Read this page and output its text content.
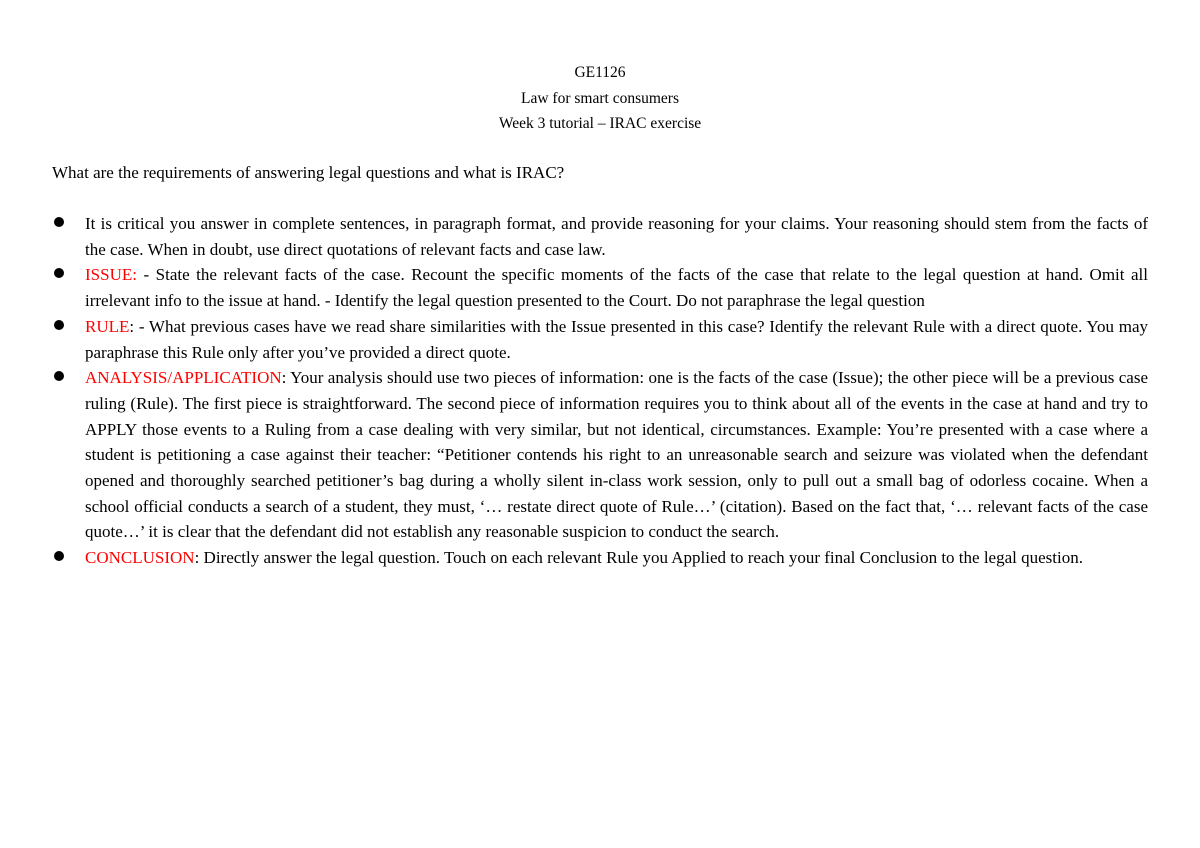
GE1126
Law for smart consumers
Week 3 tutorial – IRAC exercise
What are the requirements of answering legal questions and what is IRAC?
It is critical you answer in complete sentences, in paragraph format, and provide reasoning for your claims. Your reasoning should stem from the facts of the case. When in doubt, use direct quotations of relevant facts and case law.
ISSUE: - State the relevant facts of the case. Recount the specific moments of the facts of the case that relate to the legal question at hand. Omit all irrelevant info to the issue at hand. - Identify the legal question presented to the Court. Do not paraphrase the legal question
RULE: - What previous cases have we read share similarities with the Issue presented in this case? Identify the relevant Rule with a direct quote. You may paraphrase this Rule only after you’ve provided a direct quote.
ANALYSIS/APPLICATION: Your analysis should use two pieces of information: one is the facts of the case (Issue); the other piece will be a previous case ruling (Rule). The first piece is straightforward. The second piece of information requires you to think about all of the events in the case at hand and try to APPLY those events to a Ruling from a case dealing with very similar, but not identical, circumstances. Example: You’re presented with a case where a student is petitioning a case against their teacher: “Petitioner contends his right to an unreasonable search and seizure was violated when the defendant opened and thoroughly searched petitioner’s bag during a wholly silent in-class work session, only to pull out a small bag of odorless cocaine. When a school official conducts a search of a student, they must, ‘… restate direct quote of Rule…’ (citation). Based on the fact that, ‘… relevant facts of the case quote…’ it is clear that the defendant did not establish any reasonable suspicion to conduct the search.
CONCLUSION: Directly answer the legal question. Touch on each relevant Rule you Applied to reach your final Conclusion to the legal question.
